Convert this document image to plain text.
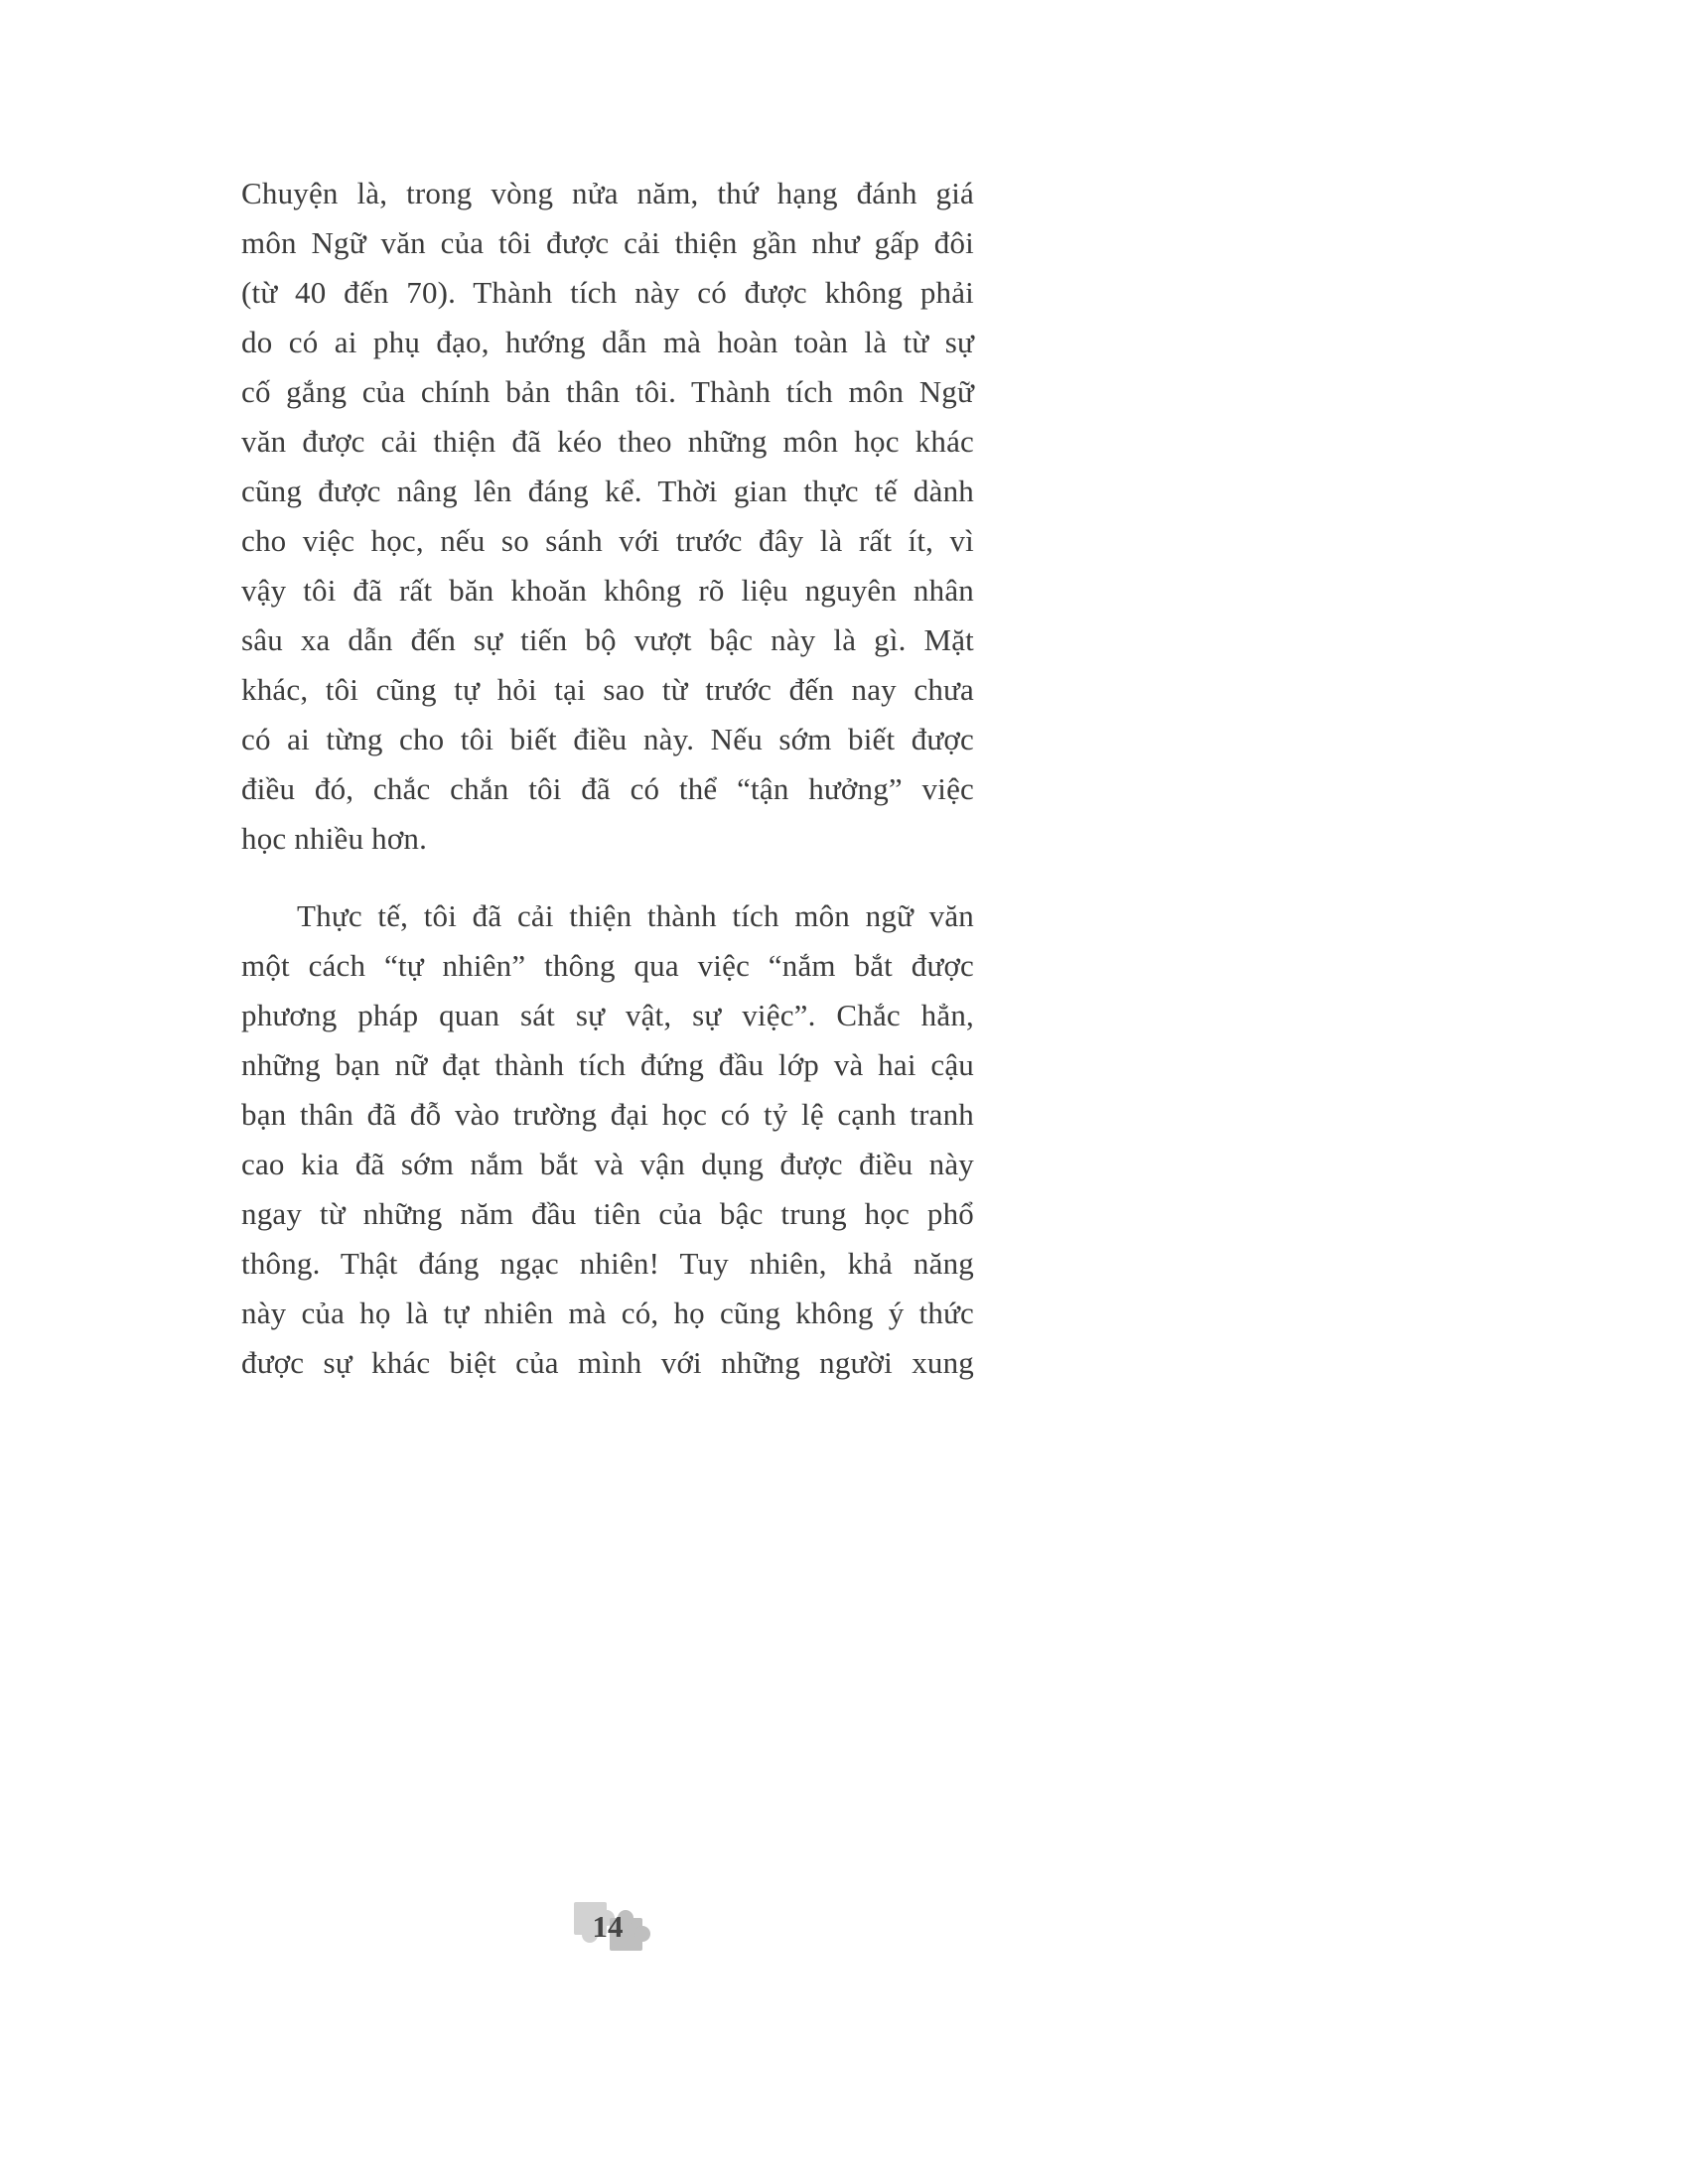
Chuyện là, trong vòng nửa năm, thứ hạng đánh giá
môn Ngữ văn của tôi được cải thiện gần như gấp đôi
(từ 40 đến 70). Thành tích này có được không phải
do có ai phụ đạo, hướng dẫn mà hoàn toàn là từ sự
cố gắng của chính bản thân tôi. Thành tích môn Ngữ
văn được cải thiện đã kéo theo những môn học khác
cũng được nâng lên đáng kể. Thời gian thực tế dành
cho việc học, nếu so sánh với trước đây là rất ít, vì
vậy tôi đã rất băn khoăn không rõ liệu nguyên nhân
sâu xa dẫn đến sự tiến bộ vượt bậc này là gì. Mặt
khác, tôi cũng tự hỏi tại sao từ trước đến nay chưa
có ai từng cho tôi biết điều này. Nếu sớm biết được
điều đó, chắc chắn tôi đã có thể “tận hưởng” việc
học nhiều hơn.
Thực tế, tôi đã cải thiện thành tích môn ngữ văn
một cách “tự nhiên” thông qua việc “nắm bắt được
phương pháp quan sát sự vật, sự việc”. Chắc hẳn,
những bạn nữ đạt thành tích đứng đầu lớp và hai cậu
bạn thân đã đỗ vào trường đại học có tỷ lệ cạnh tranh
cao kia đã sớm nắm bắt và vận dụng được điều này
ngay từ những năm đầu tiên của bậc trung học phổ
thông. Thật đáng ngạc nhiên! Tuy nhiên, khả năng
này của họ là tự nhiên mà có, họ cũng không ý thức
được sự khác biệt của mình với những người xung
14
